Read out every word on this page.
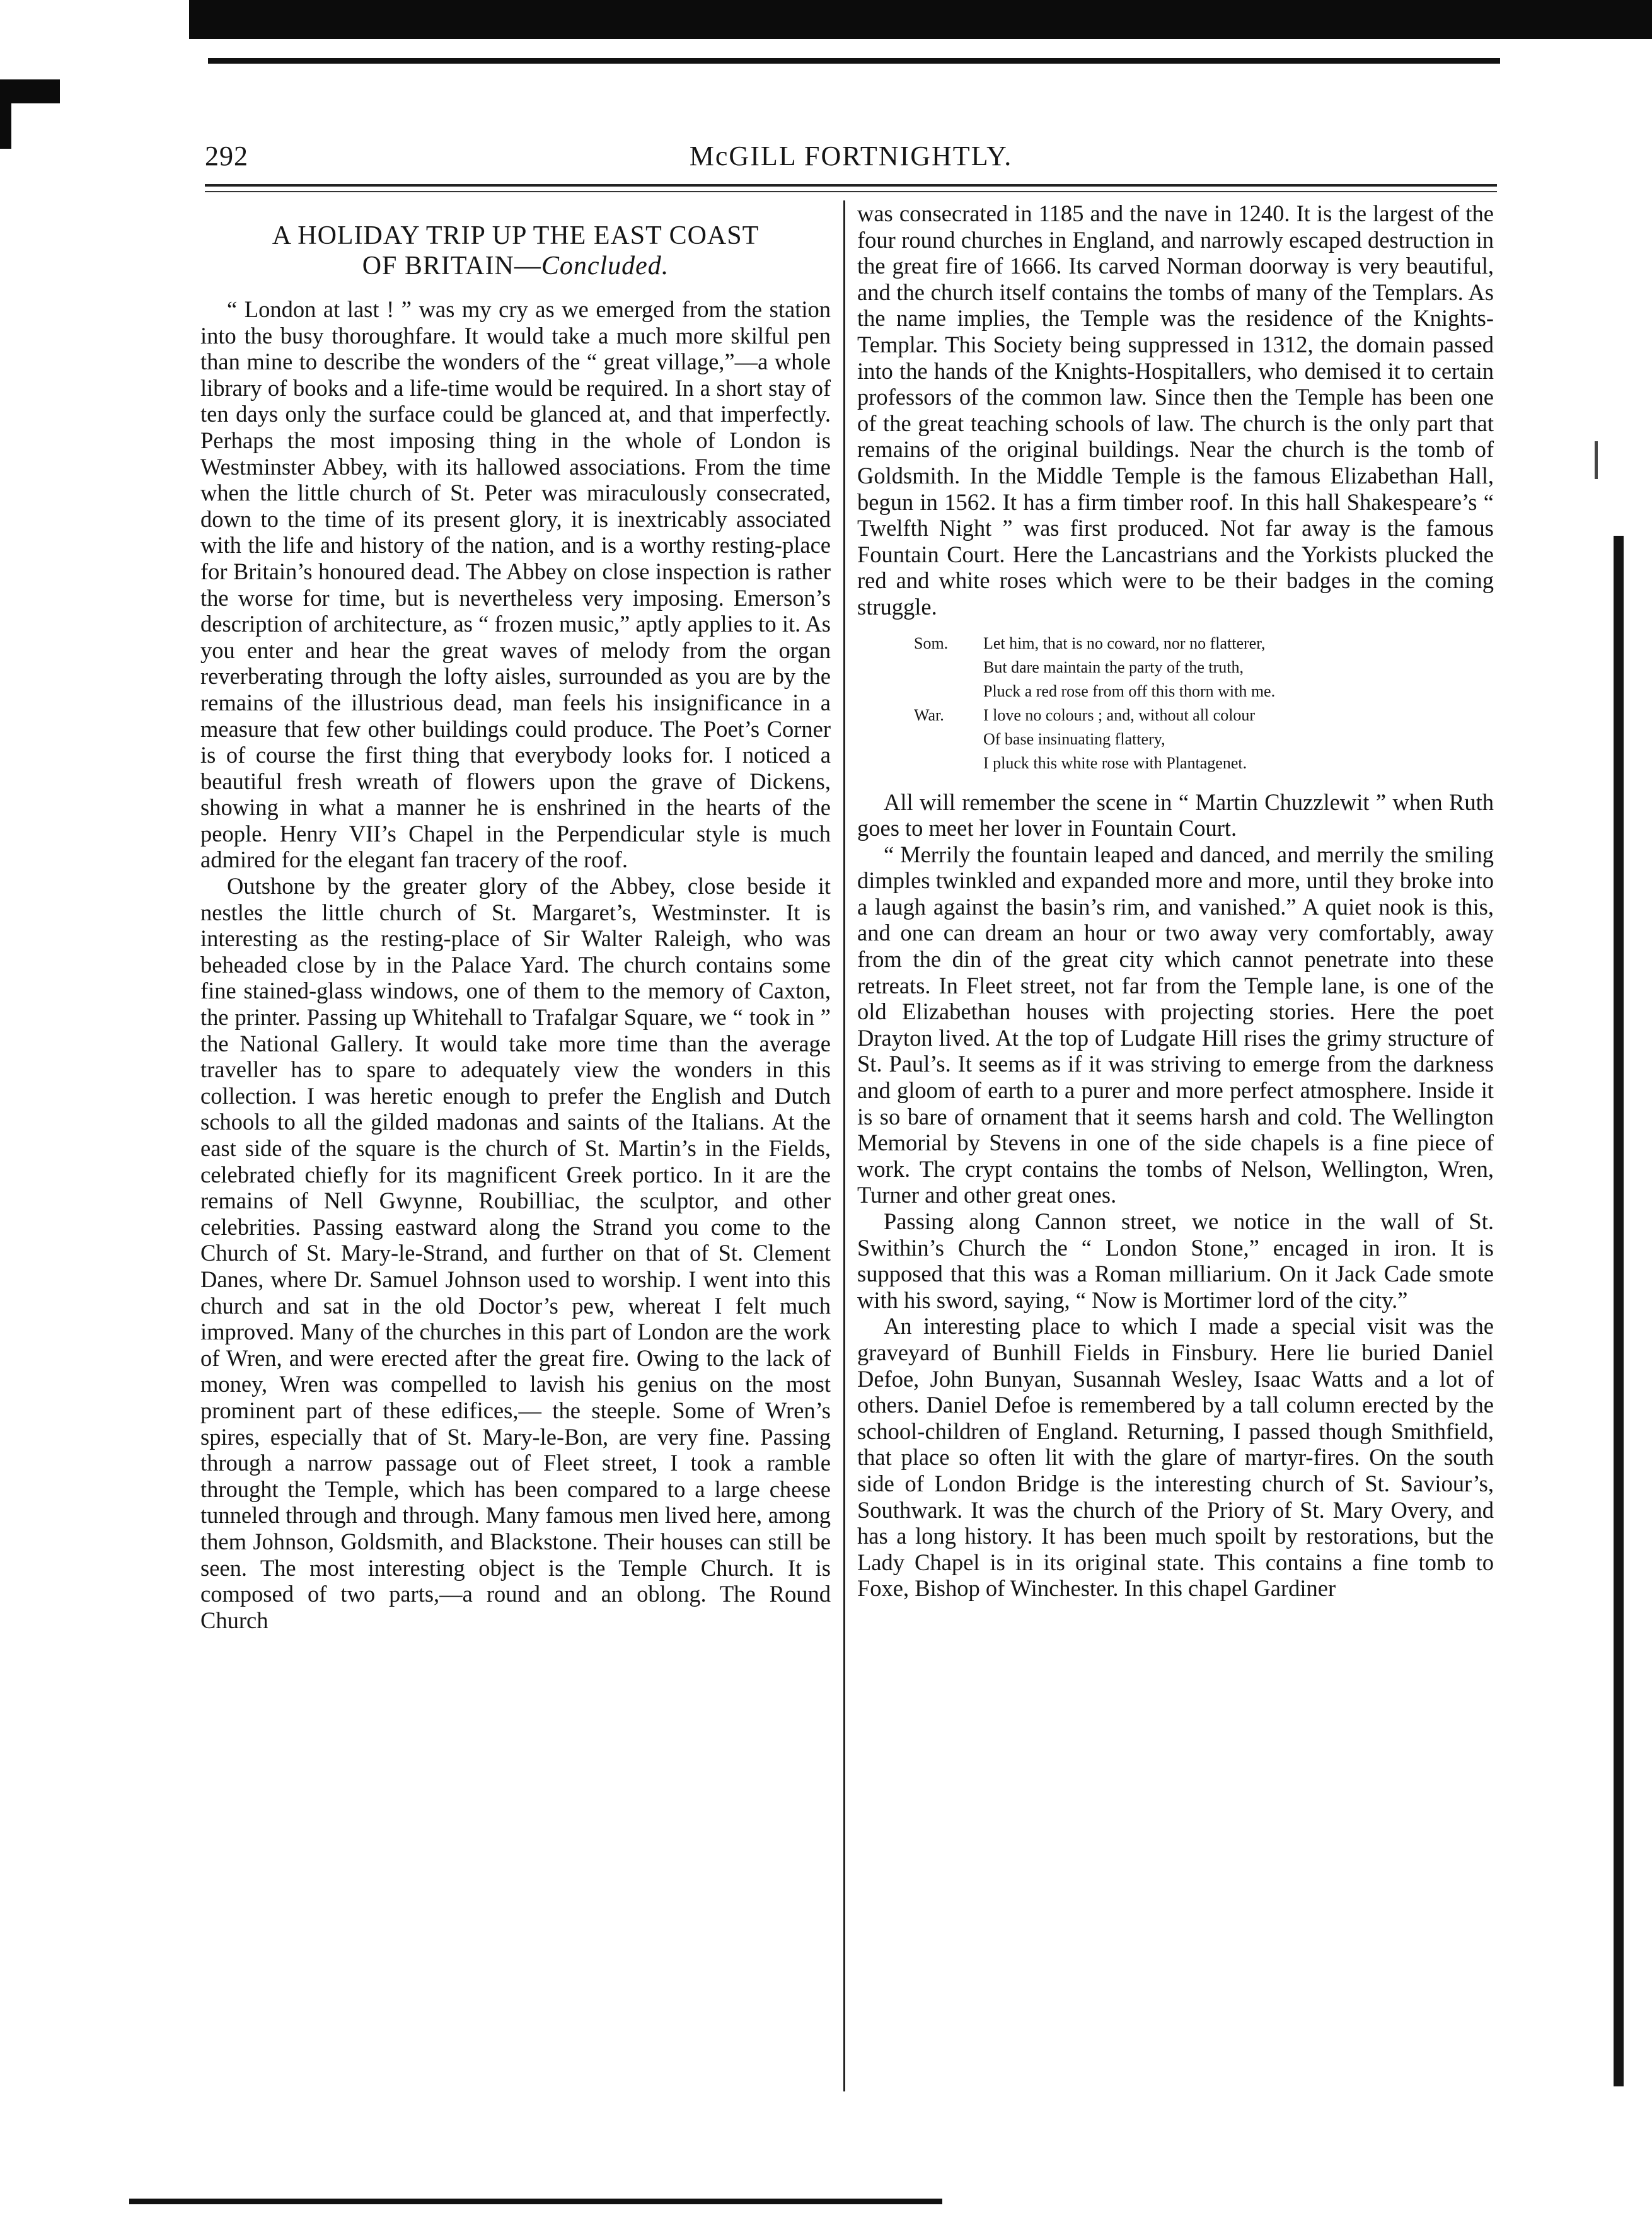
292	McGILL FORTNIGHTLY.
A HOLIDAY TRIP UP THE EAST COAST
OF BRITAIN—Concluded.

“ London at last ! ” was my cry as we emerged from the station into the busy thoroughfare. It would take a much more skilful pen than mine to describe the wonders of the “ great village,”—a whole library of books and a life-time would be required. In a short stay of ten days only the surface could be glanced at, and that imperfectly. Perhaps the most imposing thing in the whole of London is Westminster Abbey, with its hallowed associations. From the time when the little church of St. Peter was miraculously consecrated, down to the time of its present glory, it is inextricably associated with the life and history of the nation, and is a worthy resting-place for Britain’s honoured dead. The Abbey on close inspection is rather the worse for time, but is nevertheless very imposing. Emerson’s description of architecture, as “ frozen music,” aptly applies to it. As you enter and hear the great waves of melody from the organ reverberating through the lofty aisles, surrounded as you are by the remains of the illustrious dead, man feels his insignificance in a measure that few other buildings could produce. The Poet’s Corner is of course the first thing that everybody looks for. I noticed a beautiful fresh wreath of flowers upon the grave of Dickens, showing in what a manner he is enshrined in the hearts of the people. Henry VII’s Chapel in the Perpendicular style is much admired for the elegant fan tracery of the roof.

Outshone by the greater glory of the Abbey, close beside it nestles the little church of St. Margaret’s, Westminster. It is interesting as the resting-place of Sir Walter Raleigh, who was beheaded close by in the Palace Yard. The church contains some fine stained-glass windows, one of them to the memory of Caxton, the printer. Passing up Whitehall to Trafalgar Square, we “ took in ” the National Gallery. It would take more time than the average traveller has to spare to adequately view the wonders in this collection. I was heretic enough to prefer the English and Dutch schools to all the gilded madonas and saints of the Italians. At the east side of the square is the church of St. Martin’s in the Fields, celebrated chiefly for its magnificent Greek portico. In it are the remains of Nell Gwynne, Roubilliac, the sculptor, and other celebrities. Passing eastward along the Strand you come to the Church of St. Mary-le-Strand, and further on that of St. Clement Danes, where Dr. Samuel Johnson used to worship. I went into this church and sat in the old Doctor’s pew, whereat I felt much improved. Many of the churches in this part of London are the work of Wren, and were erected after the great fire. Owing to the lack of money, Wren was compelled to lavish his genius on the most prominent part of these edifices,— the steeple. Some of Wren’s spires, especially that of St. Mary-le-Bon, are very fine. Passing through a narrow passage out of Fleet street, I took a ramble throught the Temple, which has been compared to a large cheese tunneled through and through. Many famous men lived here, among them Johnson, Goldsmith, and Blackstone. Their houses can still be seen. The most interesting object is the Temple Church. It is composed of two parts,—a round and an oblong. The Round Church

was consecrated in 1185 and the nave in 1240. It is the largest of the four round churches in England, and narrowly escaped destruction in the great fire of 1666. Its carved Norman doorway is very beautiful, and the church itself contains the tombs of many of the Templars. As the name implies, the Temple was the residence of the Knights-Templar. This Society being suppressed in 1312, the domain passed into the hands of the Knights-Hospitallers, who demised it to certain professors of the common law. Since then the Temple has been one of the great teaching schools of law. The church is the only part that remains of the original buildings. Near the church is the tomb of Goldsmith. In the Middle Temple is the famous Elizabethan Hall, begun in 1562. It has a firm timber roof. In this hall Shakespeare’s “ Twelfth Night ” was first produced. Not far away is the famous Fountain Court. Here the Lancastrians and the Yorkists plucked the red and white roses which were to be their badges in the coming struggle.

Som. Let him, that is no coward, nor no flatterer,
But dare maintain the party of the truth,
Pluck a red rose from off this thorn with me.
War. I love no colours ; and, without all colour
Of base insinuating flattery,
I pluck this white rose with Plantagenet.

All will remember the scene in “ Martin Chuzzlewit ” when Ruth goes to meet her lover in Fountain Court.

“ Merrily the fountain leaped and danced, and merrily the smiling dimples twinkled and expanded more and more, until they broke into a laugh against the basin’s rim, and vanished.” A quiet nook is this, and one can dream an hour or two away very comfortably, away from the din of the great city which cannot penetrate into these retreats. In Fleet street, not far from the Temple lane, is one of the old Elizabethan houses with projecting stories. Here the poet Drayton lived. At the top of Ludgate Hill rises the grimy structure of St. Paul’s. It seems as if it was striving to emerge from the darkness and gloom of earth to a purer and more perfect atmosphere. Inside it is so bare of ornament that it seems harsh and cold. The Wellington Memorial by Stevens in one of the side chapels is a fine piece of work. The crypt contains the tombs of Nelson, Wellington, Wren, Turner and other great ones.

Passing along Cannon street, we notice in the wall of St. Swithin’s Church the “ London Stone,” encaged in iron. It is supposed that this was a Roman milliarium. On it Jack Cade smote with his sword, saying, “ Now is Mortimer lord of the city.”

An interesting place to which I made a special visit was the graveyard of Bunhill Fields in Finsbury. Here lie buried Daniel Defoe, John Bunyan, Susannah Wesley, Isaac Watts and a lot of others. Daniel Defoe is remembered by a tall column erected by the school-children of England. Returning, I passed though Smithfield, that place so often lit with the glare of martyr-fires. On the south side of London Bridge is the interesting church of St. Saviour’s, Southwark. It was the church of the Priory of St. Mary Overy, and has a long history. It has been much spoilt by restorations, but the Lady Chapel is in its original state. This contains a fine tomb to Foxe, Bishop of Winchester. In this chapel Gardiner
